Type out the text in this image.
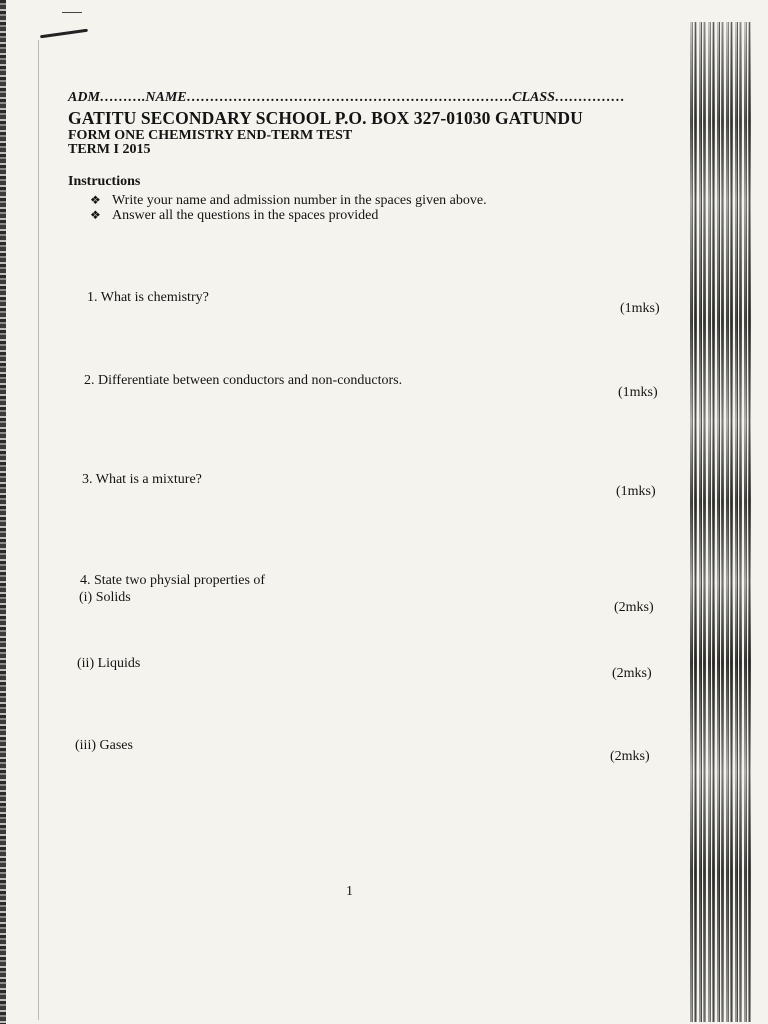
ADM……….NAME…………………………………………………………….CLASS……………
GATITU SECONDARY SCHOOL P.O. BOX 327-01030 GATUNDU
FORM ONE CHEMISTRY END-TERM TEST
TERM I 2015
Instructions
❖ Write your name and admission number in the spaces given above.
❖ Answer all the questions in the spaces provided
1. What is chemistry?
(1mks)
2. Differentiate between conductors and non-conductors.
(1mks)
3. What is a mixture?
(1mks)
4. State two physial properties of
(i) Solids
(2mks)
(ii) Liquids
(2mks)
(iii) Gases
(2mks)
1
